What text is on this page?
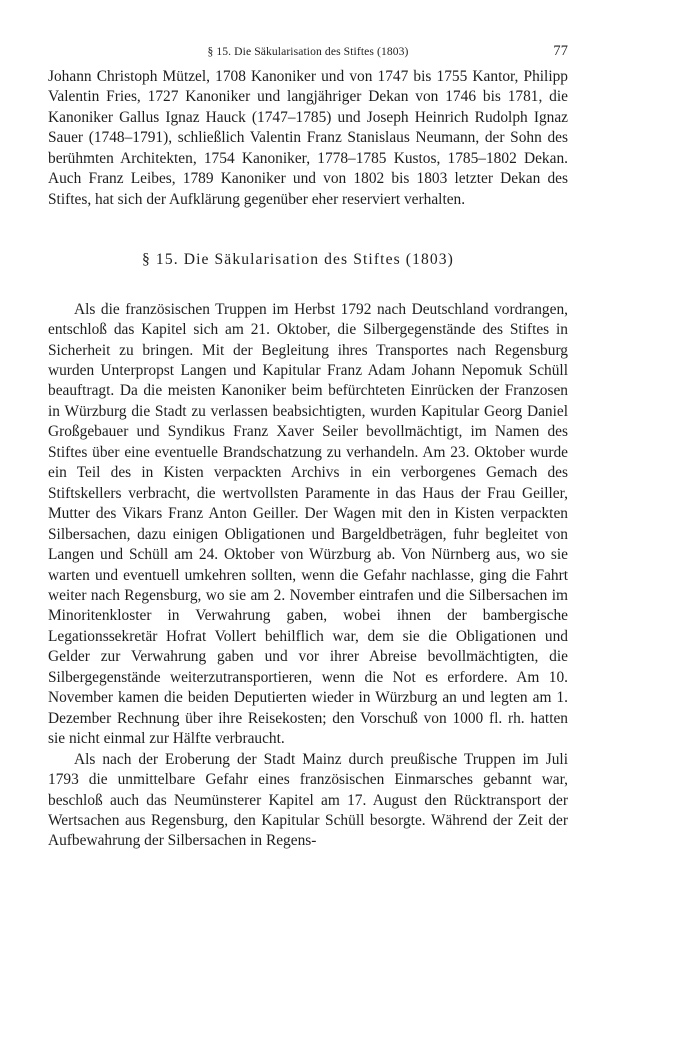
§ 15. Die Säkularisation des Stiftes (1803)	77

Johann Christoph Mützel, 1708 Kanoniker und von 1747 bis 1755 Kantor, Philipp Valentin Fries, 1727 Kanoniker und langjähriger Dekan von 1746 bis 1781, die Kanoniker Gallus Ignaz Hauck (1747–1785) und Joseph Heinrich Rudolph Ignaz Sauer (1748–1791), schließlich Valentin Franz Stanislaus Neumann, der Sohn des berühmten Architekten, 1754 Kanoniker, 1778–1785 Kustos, 1785–1802 Dekan. Auch Franz Leibes, 1789 Kanoniker und von 1802 bis 1803 letzter Dekan des Stiftes, hat sich der Aufklärung gegenüber eher reserviert verhalten.

§ 15. Die Säkularisation des Stiftes (1803)

Als die französischen Truppen im Herbst 1792 nach Deutschland vordrangen, entschloß das Kapitel sich am 21. Oktober, die Silbergegenstände des Stiftes in Sicherheit zu bringen. Mit der Begleitung ihres Transportes nach Regensburg wurden Unterpropst Langen und Kapitular Franz Adam Johann Nepomuk Schüll beauftragt. Da die meisten Kanoniker beim befürchteten Einrücken der Franzosen in Würzburg die Stadt zu verlassen beabsichtigten, wurden Kapitular Georg Daniel Großgebauer und Syndikus Franz Xaver Seiler bevollmächtigt, im Namen des Stiftes über eine eventuelle Brandschatzung zu verhandeln. Am 23. Oktober wurde ein Teil des in Kisten verpackten Archivs in ein verborgenes Gemach des Stiftskellers verbracht, die wertvollsten Paramente in das Haus der Frau Geiller, Mutter des Vikars Franz Anton Geiller. Der Wagen mit den in Kisten verpackten Silbersachen, dazu einigen Obligationen und Bargeldbeträgen, fuhr begleitet von Langen und Schüll am 24. Oktober von Würzburg ab. Von Nürnberg aus, wo sie warten und eventuell umkehren sollten, wenn die Gefahr nachlasse, ging die Fahrt weiter nach Regensburg, wo sie am 2. November eintrafen und die Silbersachen im Minoritenkloster in Verwahrung gaben, wobei ihnen der bambergische Legationssekretär Hofrat Vollert behilflich war, dem sie die Obligationen und Gelder zur Verwahrung gaben und vor ihrer Abreise bevollmächtigten, die Silbergegenstände weiterzutransportieren, wenn die Not es erfordere. Am 10. November kamen die beiden Deputierten wieder in Würzburg an und legten am 1. Dezember Rechnung über ihre Reisekosten; den Vorschuß von 1000 fl. rh. hatten sie nicht einmal zur Hälfte verbraucht.

Als nach der Eroberung der Stadt Mainz durch preußische Truppen im Juli 1793 die unmittelbare Gefahr eines französischen Einmarsches gebannt war, beschloß auch das Neumünsterer Kapitel am 17. August den Rücktransport der Wertsachen aus Regensburg, den Kapitular Schüll besorgte. Während der Zeit der Aufbewahrung der Silbersachen in Regens-
